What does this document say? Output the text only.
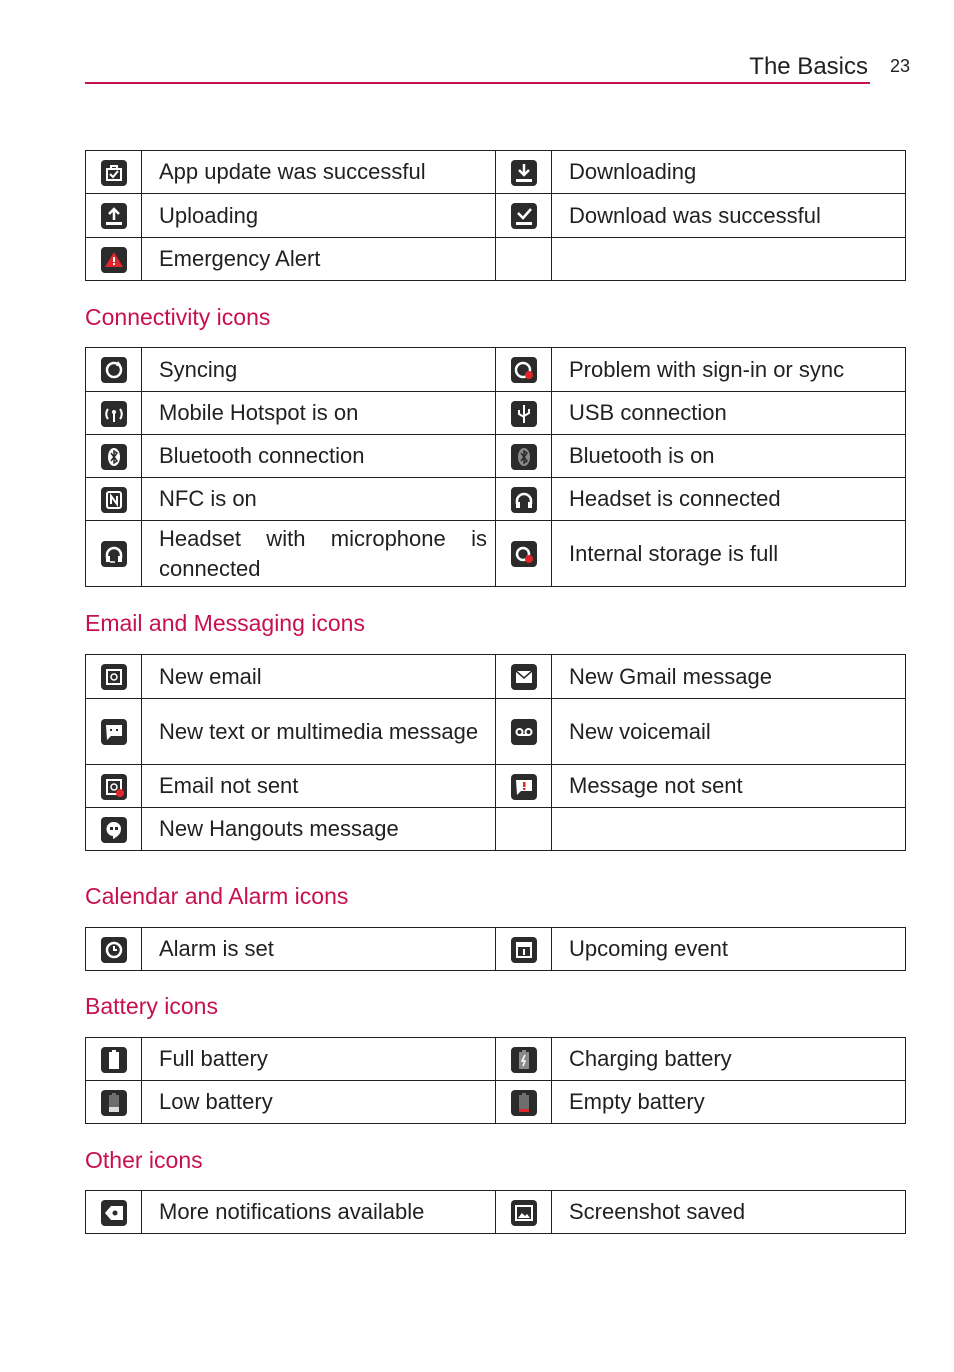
The Basics 23
	App update was successful		Downloading

	Uploading		Download was successful

	Emergency Alert		
Connectivity icons
	Syncing		Problem with sign-in or sync

	Mobile Hotspot is on		USB connection

	Bluetooth connection		Bluetooth is on

	NFC is on		Headset is connected

	Headset with microphone is connected		Internal storage is full
Email and Messaging icons
	New email		New Gmail message

	New text or multimedia message		New voicemail

	Email not sent		Message not sent

	New Hangouts message		
Calendar and Alarm icons
	Alarm is set		Upcoming event
Battery icons
	Full battery		Charging battery

	Low battery		Empty battery
Other icons
	More notifications available		Screenshot saved
